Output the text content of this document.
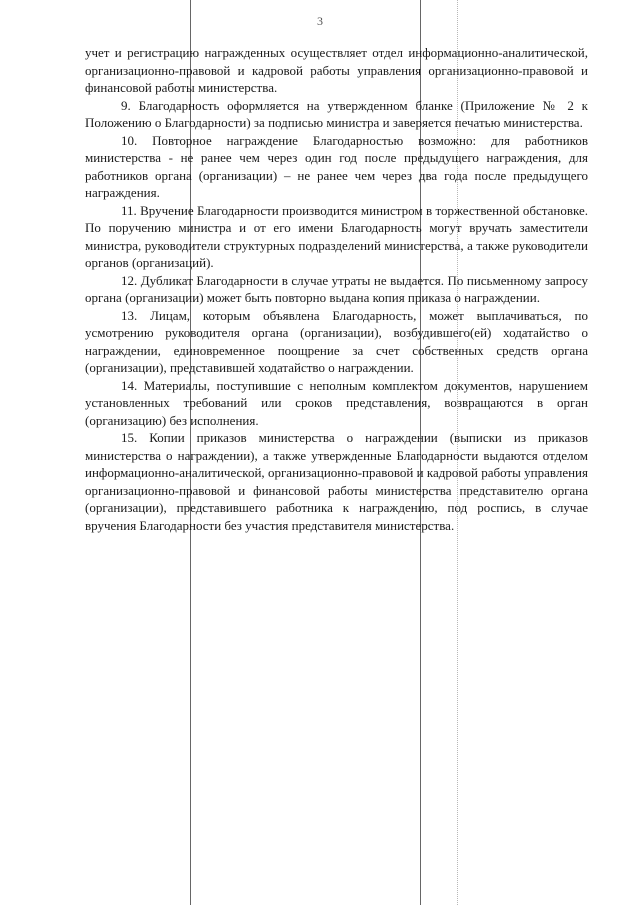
3

учет и регистрацию награжденных осуществляет отдел информационно-аналитической, организационно-правовой и кадровой работы управления организационно-правовой и финансовой работы министерства.

9. Благодарность оформляется на утвержденном бланке (Приложение № 2 к Положению о Благодарности) за подписью министра и заверяется печатью министерства.

10. Повторное награждение Благодарностью возможно: для работников министерства - не ранее чем через один год после предыдущего награждения, для работников органа (организации) – не ранее чем через два года после предыдущего награждения.

11. Вручение Благодарности производится министром в торжественной обстановке. По поручению министра и от его имени Благодарность могут вручать заместители министра, руководители структурных подразделений министерства, а также руководители органов (организаций).

12. Дубликат Благодарности в случае утраты не выдается. По письменному запросу органа (организации) может быть повторно выдана копия приказа о награждении.

13. Лицам, которым объявлена Благодарность, может выплачиваться, по усмотрению руководителя органа (организации), возбудившего(ей) ходатайство о награждении, единовременное поощрение за счет собственных средств органа (организации), представившей ходатайство о награждении.

14. Материалы, поступившие с неполным комплектом документов, нарушением установленных требований или сроков представления, возвращаются в орган (организацию) без исполнения.

15. Копии приказов министерства о награждении (выписки из приказов министерства о награждении), а также утвержденные Благодарности выдаются отделом информационно-аналитической, организационно-правовой и кадровой работы управления организационно-правовой и финансовой работы министерства представителю органа (организации), представившего работника к награждению, под роспись, в случае вручения Благодарности без участия представителя министерства.
